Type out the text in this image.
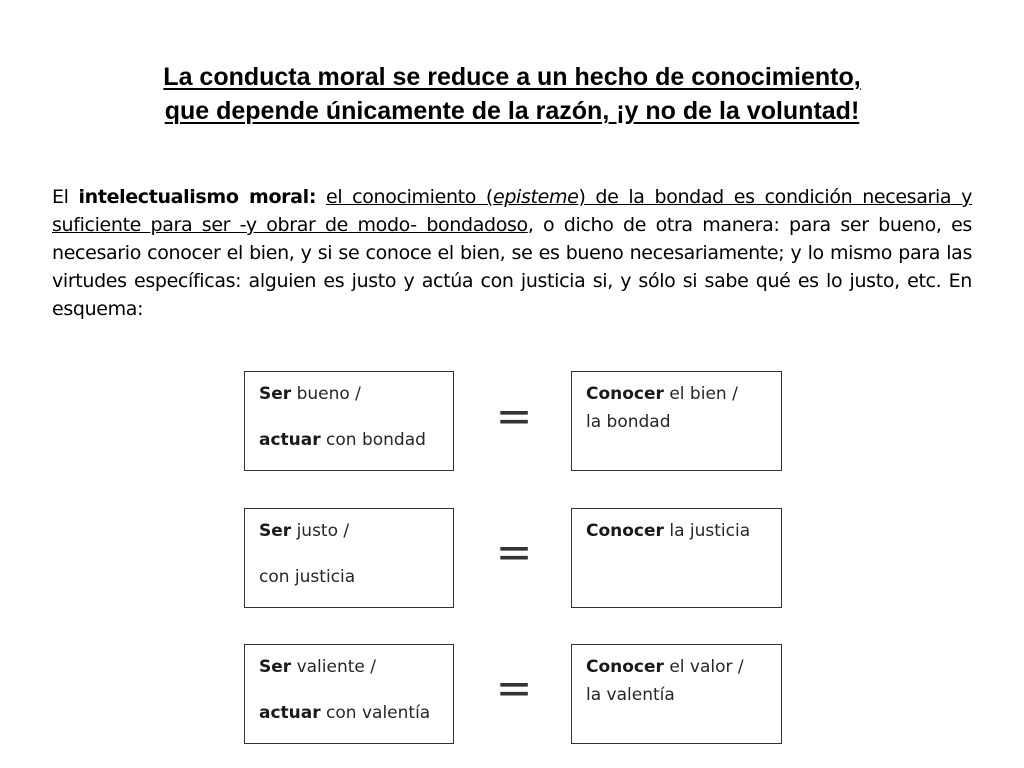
La conducta moral se reduce a un hecho de conocimiento,
que depende únicamente de la razón, ¡y no de la voluntad!
El intelectualismo moral: el conocimiento (episteme) de la bondad es condición necesaria y suficiente para ser -y obrar de modo- bondadoso, o dicho de otra manera: para ser bueno, es necesario conocer el bien, y si se conoce el bien, se es bueno necesariamente; y lo mismo para las virtudes específicas: alguien es justo y actúa con justicia si, y sólo si sabe qué es lo justo, etc. En esquema:
Ser bueno /
actuar con bondad =	Conocer el bien /
la bondad
Ser justo /
con justicia	=	Conocer la justicia
Ser valiente /
actuar con valentía =	Conocer el valor /
la valentía
